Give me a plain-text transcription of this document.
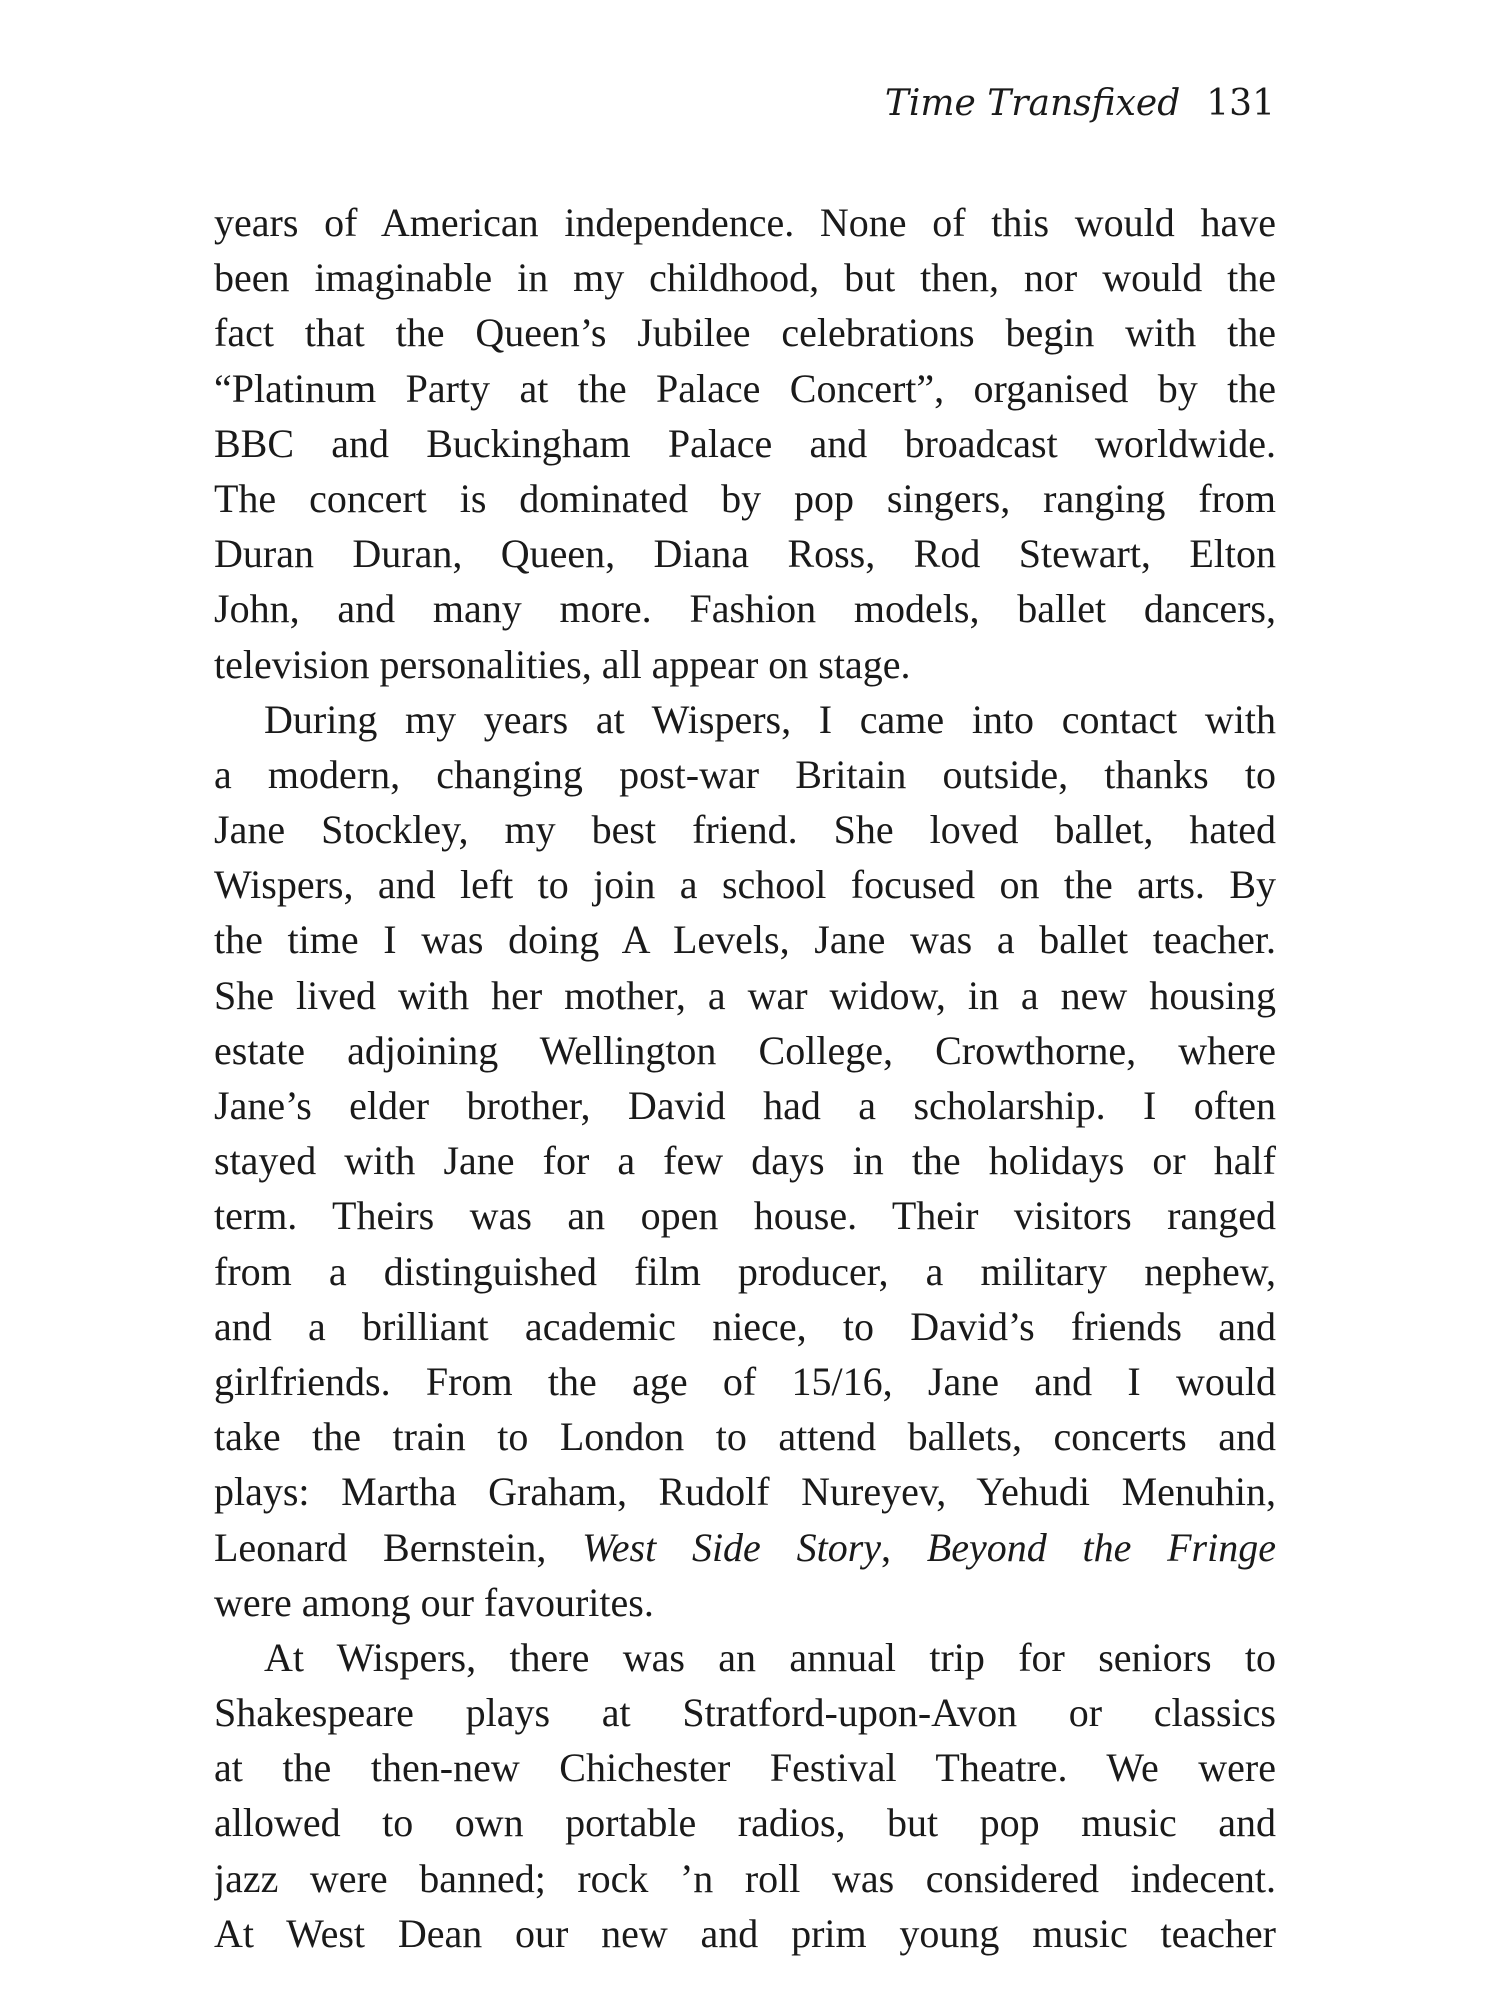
Time Transfixed 131
years of American independence. None of this would have
been imaginable in my childhood, but then, nor would the
fact that the Queen’s Jubilee celebrations begin with the
“Platinum Party at the Palace Concert”, organised by the
BBC and Buckingham Palace and broadcast worldwide.
The concert is dominated by pop singers, ranging from
Duran Duran, Queen, Diana Ross, Rod Stewart, Elton
John, and many more. Fashion models, ballet dancers,
television personalities, all appear on stage.
During my years at Wispers, I came into contact with
a modern, changing post-war Britain outside, thanks to
Jane Stockley, my best friend. She loved ballet, hated
Wispers, and left to join a school focused on the arts. By
the time I was doing A Levels, Jane was a ballet teacher.
She lived with her mother, a war widow, in a new housing
estate adjoining Wellington College, Crowthorne, where
Jane’s elder brother, David had a scholarship. I often
stayed with Jane for a few days in the holidays or half
term. Theirs was an open house. Their visitors ranged
from a distinguished film producer, a military nephew,
and a brilliant academic niece, to David’s friends and
girlfriends. From the age of 15/16, Jane and I would
take the train to London to attend ballets, concerts and
plays: Martha Graham, Rudolf Nureyev, Yehudi Menuhin,
Leonard Bernstein, West Side Story, Beyond the Fringe
were among our favourites.
At Wispers, there was an annual trip for seniors to
Shakespeare plays at Stratford-upon-Avon or classics
at the then-new Chichester Festival Theatre. We were
allowed to own portable radios, but pop music and
jazz were banned; rock ’n roll was considered indecent.
At West Dean our new and prim young music teacher
